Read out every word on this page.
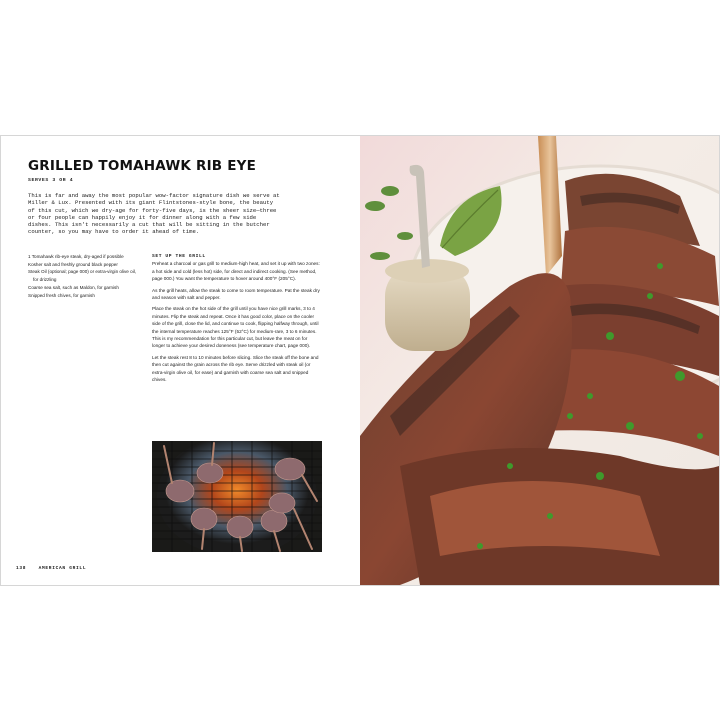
GRILLED TOMAHAWK RIB EYE
SERVES 3 OR 4
This is far and away the most popular wow-factor signature dish we serve at Miller & Lux. Presented with its giant Flintstones-style bone, the beauty of this cut, which we dry-age for forty-five days, is the sheer size—three or four people can happily enjoy it for dinner along with a few side dishes. This isn't necessarily a cut that will be sitting in the butcher counter, so you may have to order it ahead of time.
1 Tomahawk rib-eye steak, dry-aged if possible
Kosher salt and freshly ground black pepper
Steak Oil (optional; page 000) or extra-virgin olive oil, for drizzling
Coarse sea salt, such as Maldon, for garnish
Snipped fresh chives, for garnish
SET UP THE GRILL

Preheat a charcoal or gas grill to medium-high heat, and set it up with two zones: a hot side and cold (less hot) side, for direct and indirect cooking. (See method, page 000.) You want the temperature to hover around 400°F (205°C).

As the grill heats, allow the steak to come to room temperature. Pat the steak dry and season with salt and pepper.

Place the steak on the hot side of the grill until you have nice grill marks, 3 to 4 minutes. Flip the steak and repeat. Once it has good color, place on the cooler side of the grill, close the lid, and continue to cook, flipping halfway through, until the internal temperature reaches 125°F (52°C) for medium-rare, 3 to 6 minutes. This is my recommendation for this particular cut, but leave the meat on for longer to achieve your desired doneness (see temperature chart, page 000).

Let the steak rest 8 to 10 minutes before slicing. Slice the steak off the bone and then cut against the grain across the rib eye. Serve drizzled with steak oil (or extra-virgin olive oil, for ease) and garnish with coarse sea salt and snipped chives.

138	AMERICAN GRILL
